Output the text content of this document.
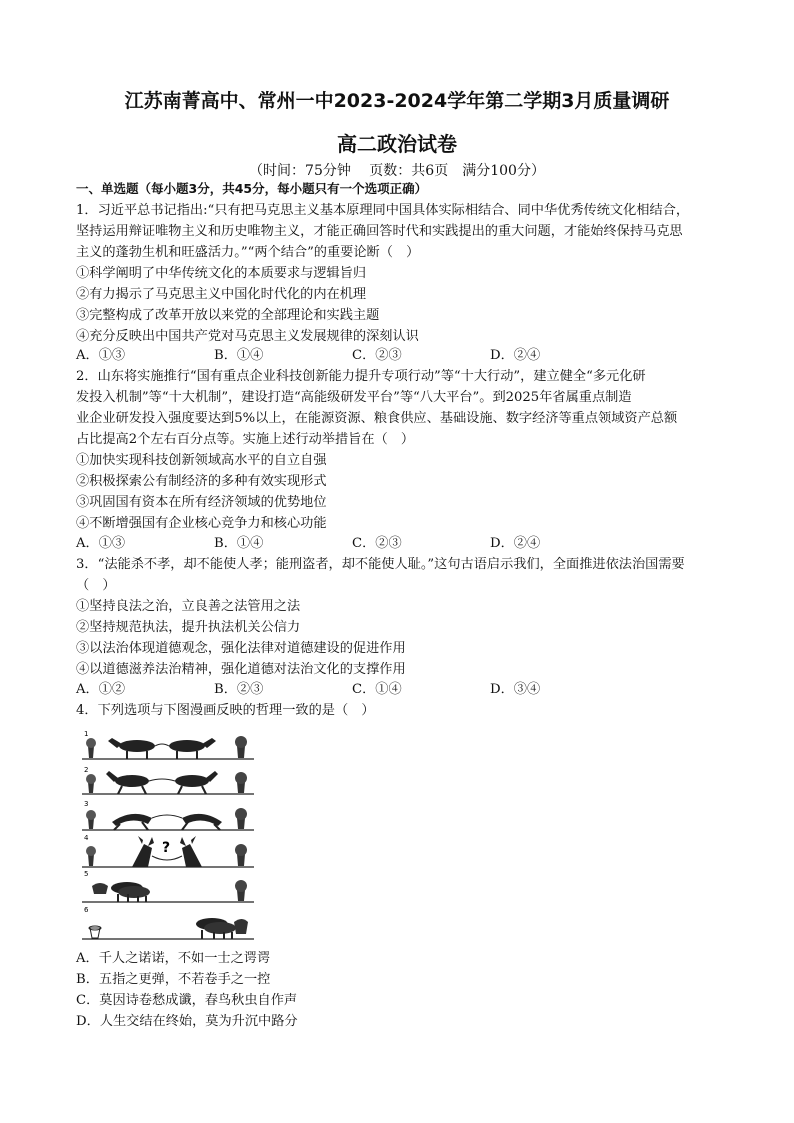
江苏南菁高中、常州一中2023-2024学年第二学期3月质量调研
高二政治试卷
（时间：75分钟　 页数：共6页　满分100分）
一、单选题（每小题3分，共45分，每小题只有一个选项正确）
1．习近平总书记指出:“只有把马克思主义基本原理同中国具体实际相结合、同中华优秀传统文化相结合，
坚持运用辩证唯物主义和历史唯物主义，才能正确回答时代和实践提出的重大问题，才能始终保持马克思
主义的蓬勃生机和旺盛活力。”“两个结合”的重要论断（　）
①科学阐明了中华传统文化的本质要求与逻辑旨归
②有力揭示了马克思主义中国化时代化的内在机理
③完整构成了改革开放以来党的全部理论和实践主题
④充分反映出中国共产党对马克思主义发展规律的深刻认识
A．①③	B．①④	C．②③	D．②④
2．山东将实施推行“国有重点企业科技创新能力提升专项行动”等“十大行动”，建立健全“多元化研
发投入机制”等“十大机制”，建设打造“高能级研发平台”等“八大平台”。到2025年省属重点制造
业企业研发投入强度要达到5%以上，在能源资源、粮食供应、基础设施、数字经济等重点领域资产总额
占比提高2个左右百分点等。实施上述行动举措旨在（　）
①加快实现科技创新领域高水平的自立自强
②积极探索公有制经济的多种有效实现形式
③巩固国有资本在所有经济领域的优势地位
④不断增强国有企业核心竞争力和核心功能
A．①③	B．①④	C．②③	D．②④
3．“法能杀不孝，却不能使人孝；能刑盗者，却不能使人耻。”这句古语启示我们，全面推进依法治国需要
（　）
①坚持良法之治，立良善之法管用之法
②坚持规范执法，提升执法机关公信力
③以法治体现道德观念，强化法律对道德建设的促进作用
④以道德滋养法治精神，强化道德对法治文化的支撑作用
A．①②	B．②③	C．①④	D．③④
4．下列选项与下图漫画反映的哲理一致的是（　）
1
2
3
4
?
5
6
A．千人之诺诺，不如一士之谔谔
B．五指之更弹，不若卷手之一控
C．莫因诗卷愁成谶，春鸟秋虫自作声
D．人生交结在终始，莫为升沉中路分
